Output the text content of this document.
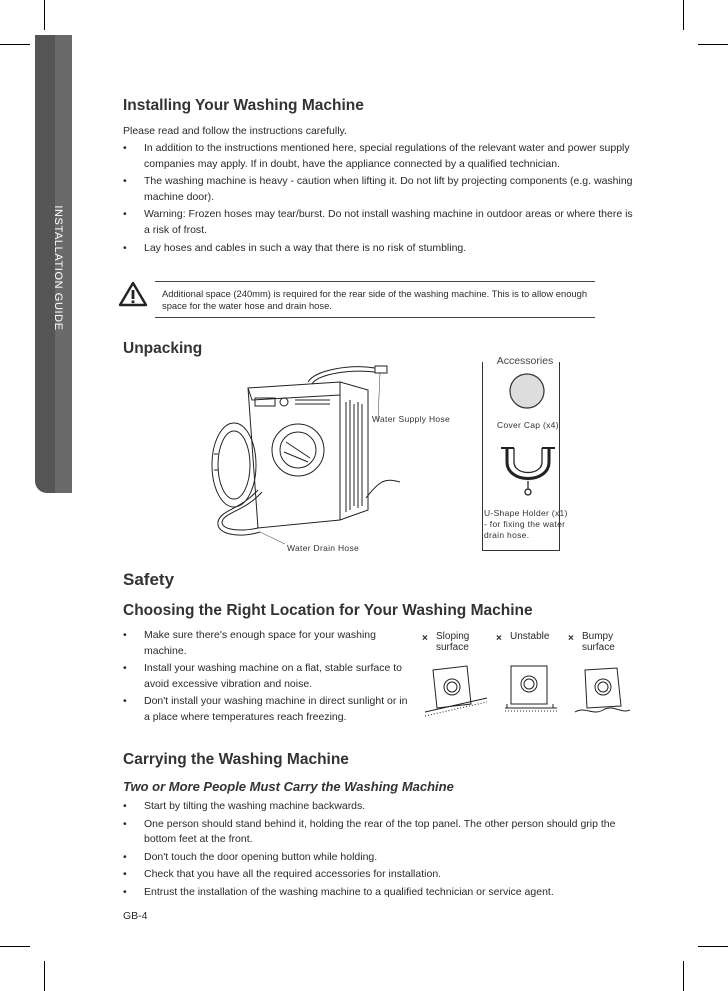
INSTALLATION GUIDE
Installing Your Washing Machine

Please read and follow the instructions carefully.

• In addition to the instructions mentioned here, special regulations of the relevant water and power supply companies may apply. If in doubt, have the appliance connected by a qualified technician.
• The washing machine is heavy - caution when lifting it. Do not lift by projecting components (e.g. washing machine door).
• Warning: Frozen hoses may tear/burst. Do not install washing machine in outdoor areas or where there is a risk of frost.
• Lay hoses and cables in such a way that there is no risk of stumbling.
Additional space (240mm) is required for the rear side of the washing machine. This is to allow enough space for the water hose and drain hose.
Unpacking
Water Supply Hose
Water Drain Hose
Accessories
Cover Cap (x4)
U-Shape Holder (x1)
- for fixing the water
drain hose.
Safety
Choosing the Right Location for Your Washing Machine
• Make sure there's enough space for your washing machine.
• Install your washing machine on a flat, stable surface to avoid excessive vibration and noise.
• Don't install your washing machine in direct sunlight or in a place where temperatures reach freezing.
× Sloping
surface
× Unstable × Bumpy
surface
Carrying the Washing Machine
Two or More People Must Carry the Washing Machine
• Start by tilting the washing machine backwards.
• One person should stand behind it, holding the rear of the top panel. The other person should grip the bottom feet at the front.
• Don't touch the door opening button while holding.
• Check that you have all the required accessories for installation.
• Entrust the installation of the washing machine to a qualified technician or service agent.
GB-4
